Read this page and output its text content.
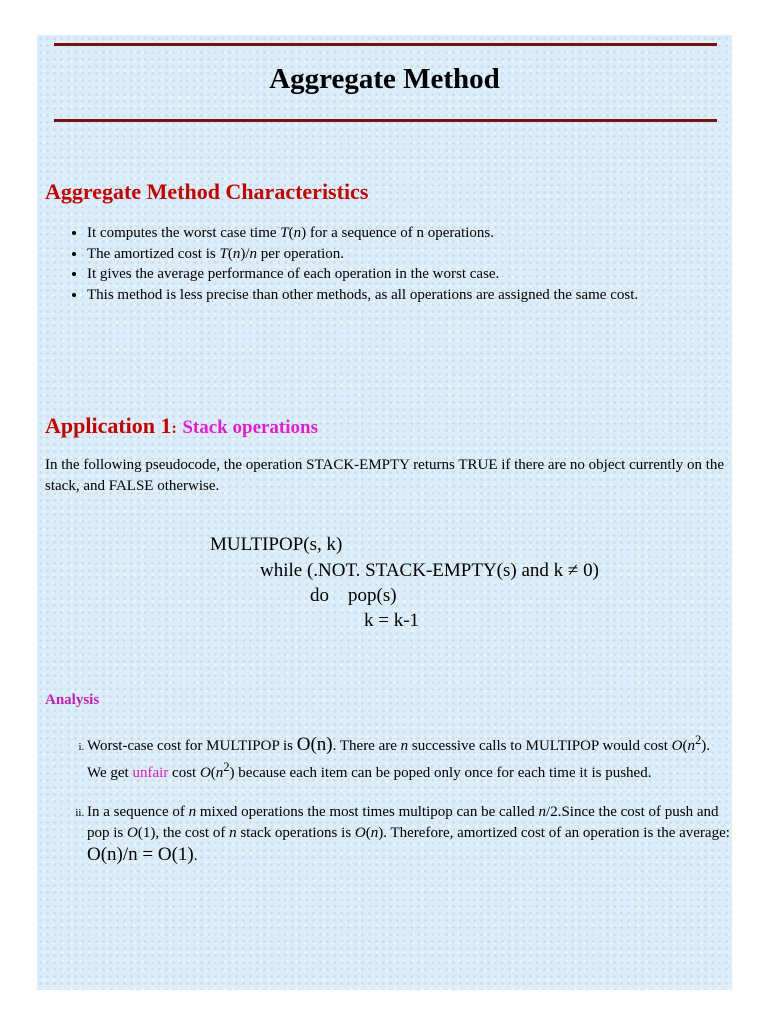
Aggregate Method
Aggregate Method Characteristics
• It computes the worst case time T(n) for a sequence of n operations.
• The amortized cost is T(n)/n per operation.
• It gives the average performance of each operation in the worst case.
• This method is less precise than other methods, as all operations are assigned the same cost.
Application 1: Stack operations
In the following pseudocode, the operation STACK-EMPTY returns TRUE if there are no object currently on the stack, and FALSE otherwise.
MULTIPOP(s, k)
while (.NOT. STACK-EMPTY(s) and k ≠ 0)
do    pop(s)
k = k-1
Analysis
i. Worst-case cost for MULTIPOP is O(n). There are n successive calls to MULTIPOP would cost $O(n^2)$. We get unfair cost $O(n^2)$ because each item can be poped only once for each time it is pushed.
ii. In a sequence of n mixed operations the most times multipop can be called n/2.Since the cost of push and pop is O(1), the cost of n stack operations is O(n). Therefore, amortized cost of an operation is the average: O(n)/n = O(1).
